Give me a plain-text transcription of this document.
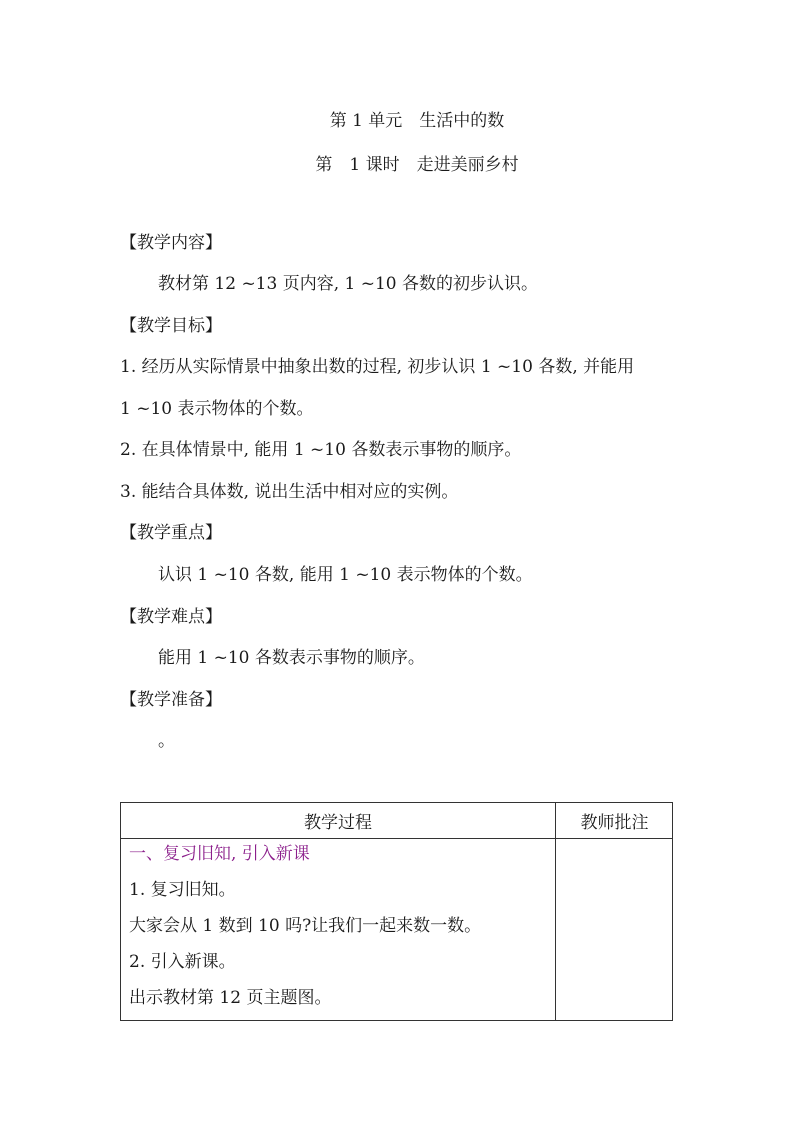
第 1 单元　生活中的数
第　1 课时　走进美丽乡村
【教学内容】
教材第 12 ~13 页内容, 1 ~10 各数的初步认识。
【教学目标】
1. 经历从实际情景中抽象出数的过程, 初步认识 1 ~10 各数, 并能用
1 ~10 表示物体的个数。
2. 在具体情景中, 能用 1 ~10 各数表示事物的顺序。
3. 能结合具体数, 说出生活中相对应的实例。
【教学重点】
认识 1 ~10 各数, 能用 1 ~10 表示物体的个数。
【教学难点】
能用 1 ~10 各数表示事物的顺序。
【教学准备】
。
教学过程	教师批注
一、复习旧知, 引入新课
1. 复习旧知。
大家会从 1 数到 10 吗?让我们一起来数一数。
2. 引入新课。
出示教材第 12 页主题图。
